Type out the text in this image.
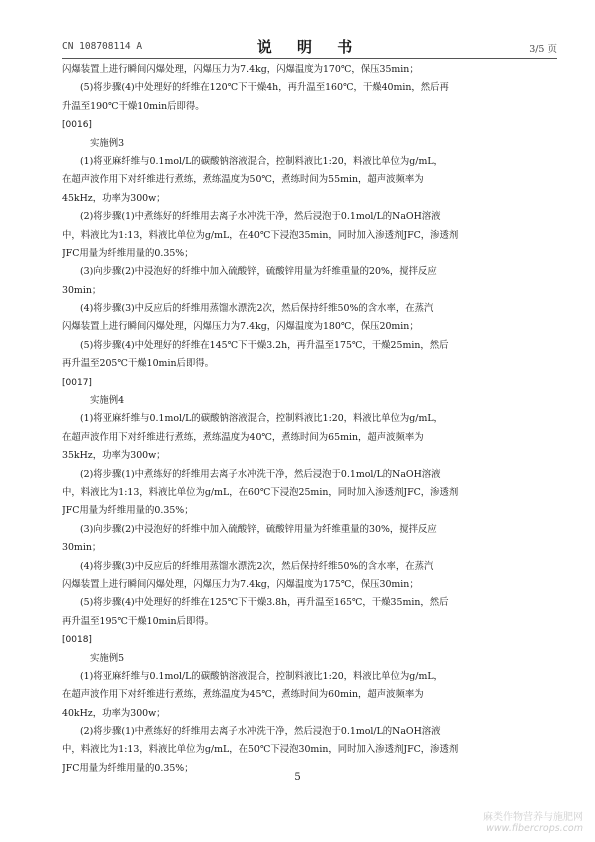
CN 108708114 A	说 明 书	3/5 页
闪爆装置上进行瞬间闪爆处理，闪爆压力为7.4kg，闪爆温度为170℃，保压35min；
(5)将步骤(4)中处理好的纤维在120℃下干燥4h，再升温至160℃，干燥40min，然后再
升温至190℃干燥10min后即得。
[0016]
实施例3
(1)将亚麻纤维与0.1mol/L的碳酸钠溶液混合，控制料液比1:20，料液比单位为g/mL，
在超声波作用下对纤维进行煮练，煮练温度为50℃，煮练时间为55min，超声波频率为
45kHz，功率为300w；
(2)将步骤(1)中煮练好的纤维用去离子水冲洗干净，然后浸泡于0.1mol/L的NaOH溶液
中，料液比为1:13，料液比单位为g/mL，在40℃下浸泡35min，同时加入渗透剂JFC，渗透剂
JFC用量为纤维用量的0.35%；
(3)向步骤(2)中浸泡好的纤维中加入硫酸锌，硫酸锌用量为纤维重量的20%，搅拌反应
30min；
(4)将步骤(3)中反应后的纤维用蒸馏水漂洗2次，然后保持纤维50%的含水率，在蒸汽
闪爆装置上进行瞬间闪爆处理，闪爆压力为7.4kg，闪爆温度为180℃，保压20min；
(5)将步骤(4)中处理好的纤维在145℃下干燥3.2h，再升温至175℃，干燥25min，然后
再升温至205℃干燥10min后即得。
[0017]
实施例4
(1)将亚麻纤维与0.1mol/L的碳酸钠溶液混合，控制料液比1:20，料液比单位为g/mL，
在超声波作用下对纤维进行煮练，煮练温度为40℃，煮练时间为65min，超声波频率为
35kHz，功率为300w；
(2)将步骤(1)中煮练好的纤维用去离子水冲洗干净，然后浸泡于0.1mol/L的NaOH溶液
中，料液比为1:13，料液比单位为g/mL，在60℃下浸泡25min，同时加入渗透剂JFC，渗透剂
JFC用量为纤维用量的0.35%；
(3)向步骤(2)中浸泡好的纤维中加入硫酸锌，硫酸锌用量为纤维重量的30%，搅拌反应
30min；
(4)将步骤(3)中反应后的纤维用蒸馏水漂洗2次，然后保持纤维50%的含水率，在蒸汽
闪爆装置上进行瞬间闪爆处理，闪爆压力为7.4kg，闪爆温度为175℃，保压30min；
(5)将步骤(4)中处理好的纤维在125℃下干燥3.8h，再升温至165℃，干燥35min，然后
再升温至195℃干燥10min后即得。
[0018]
实施例5
(1)将亚麻纤维与0.1mol/L的碳酸钠溶液混合，控制料液比1:20，料液比单位为g/mL，
在超声波作用下对纤维进行煮练，煮练温度为45℃，煮练时间为60min，超声波频率为
40kHz，功率为300w；
(2)将步骤(1)中煮练好的纤维用去离子水冲洗干净，然后浸泡于0.1mol/L的NaOH溶液
中，料液比为1:13，料液比单位为g/mL，在50℃下浸泡30min，同时加入渗透剂JFC，渗透剂
JFC用量为纤维用量的0.35%；
5
麻类作物营养与施肥网
www.fibercrops.com
